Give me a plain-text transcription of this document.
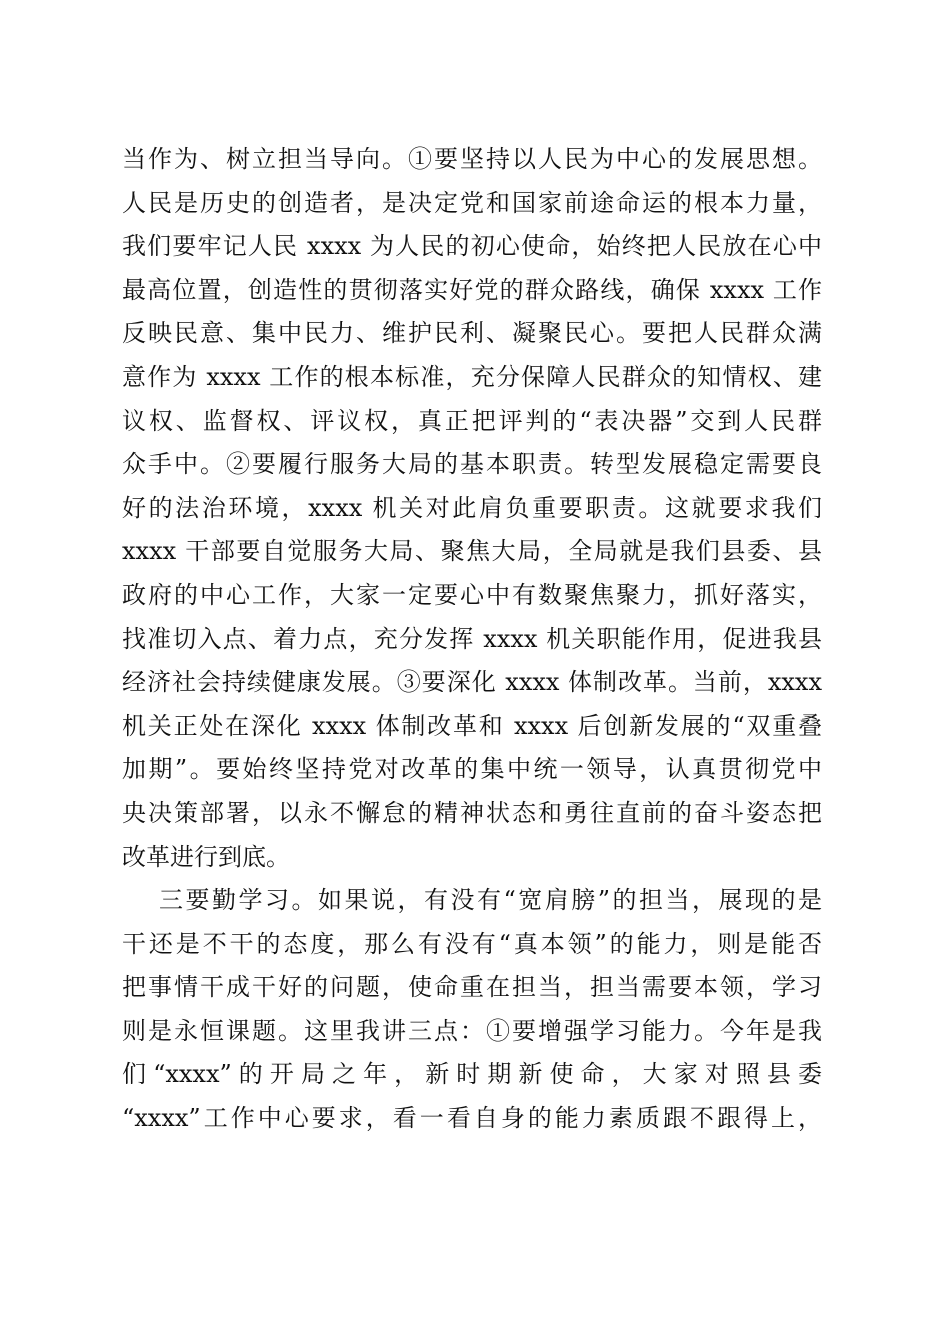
当作为、树立担当导向。①要坚持以人民为中心的发展思想。
人民是历史的创造者，是决定党和国家前途命运的根本力量，
我们要牢记人民 xxxx 为人民的初心使命，始终把人民放在心中
最高位置，创造性的贯彻落实好党的群众路线，确保 xxxx 工作
反映民意、集中民力、维护民利、凝聚民心。要把人民群众满
意作为 xxxx 工作的根本标准，充分保障人民群众的知情权、建
议权、监督权、评议权，真正把评判的“表决器”交到人民群
众手中。②要履行服务大局的基本职责。转型发展稳定需要良
好的法治环境，xxxx 机关对此肩负重要职责。这就要求我们
xxxx 干部要自觉服务大局、聚焦大局，全局就是我们县委、县
政府的中心工作，大家一定要心中有数聚焦聚力，抓好落实，
找准切入点、着力点，充分发挥 xxxx 机关职能作用，促进我县
经济社会持续健康发展。③要深化 xxxx 体制改革。当前，xxxx
机关正处在深化 xxxx 体制改革和 xxxx 后创新发展的“双重叠
加期”。要始终坚持党对改革的集中统一领导，认真贯彻党中
央决策部署，以永不懈怠的精神状态和勇往直前的奋斗姿态把
改革进行到底。
三要勤学习。如果说，有没有“宽肩膀”的担当，展现的是
干还是不干的态度，那么有没有“真本领”的能力，则是能否
把事情干成干好的问题，使命重在担当，担当需要本领，学习
则是永恒课题。这里我讲三点：①要增强学习能力。今年是我
们“xxxx”的开局之年，新时期新使命，大家对照县委
“xxxx”工作中心要求，看一看自身的能力素质跟不跟得上，
